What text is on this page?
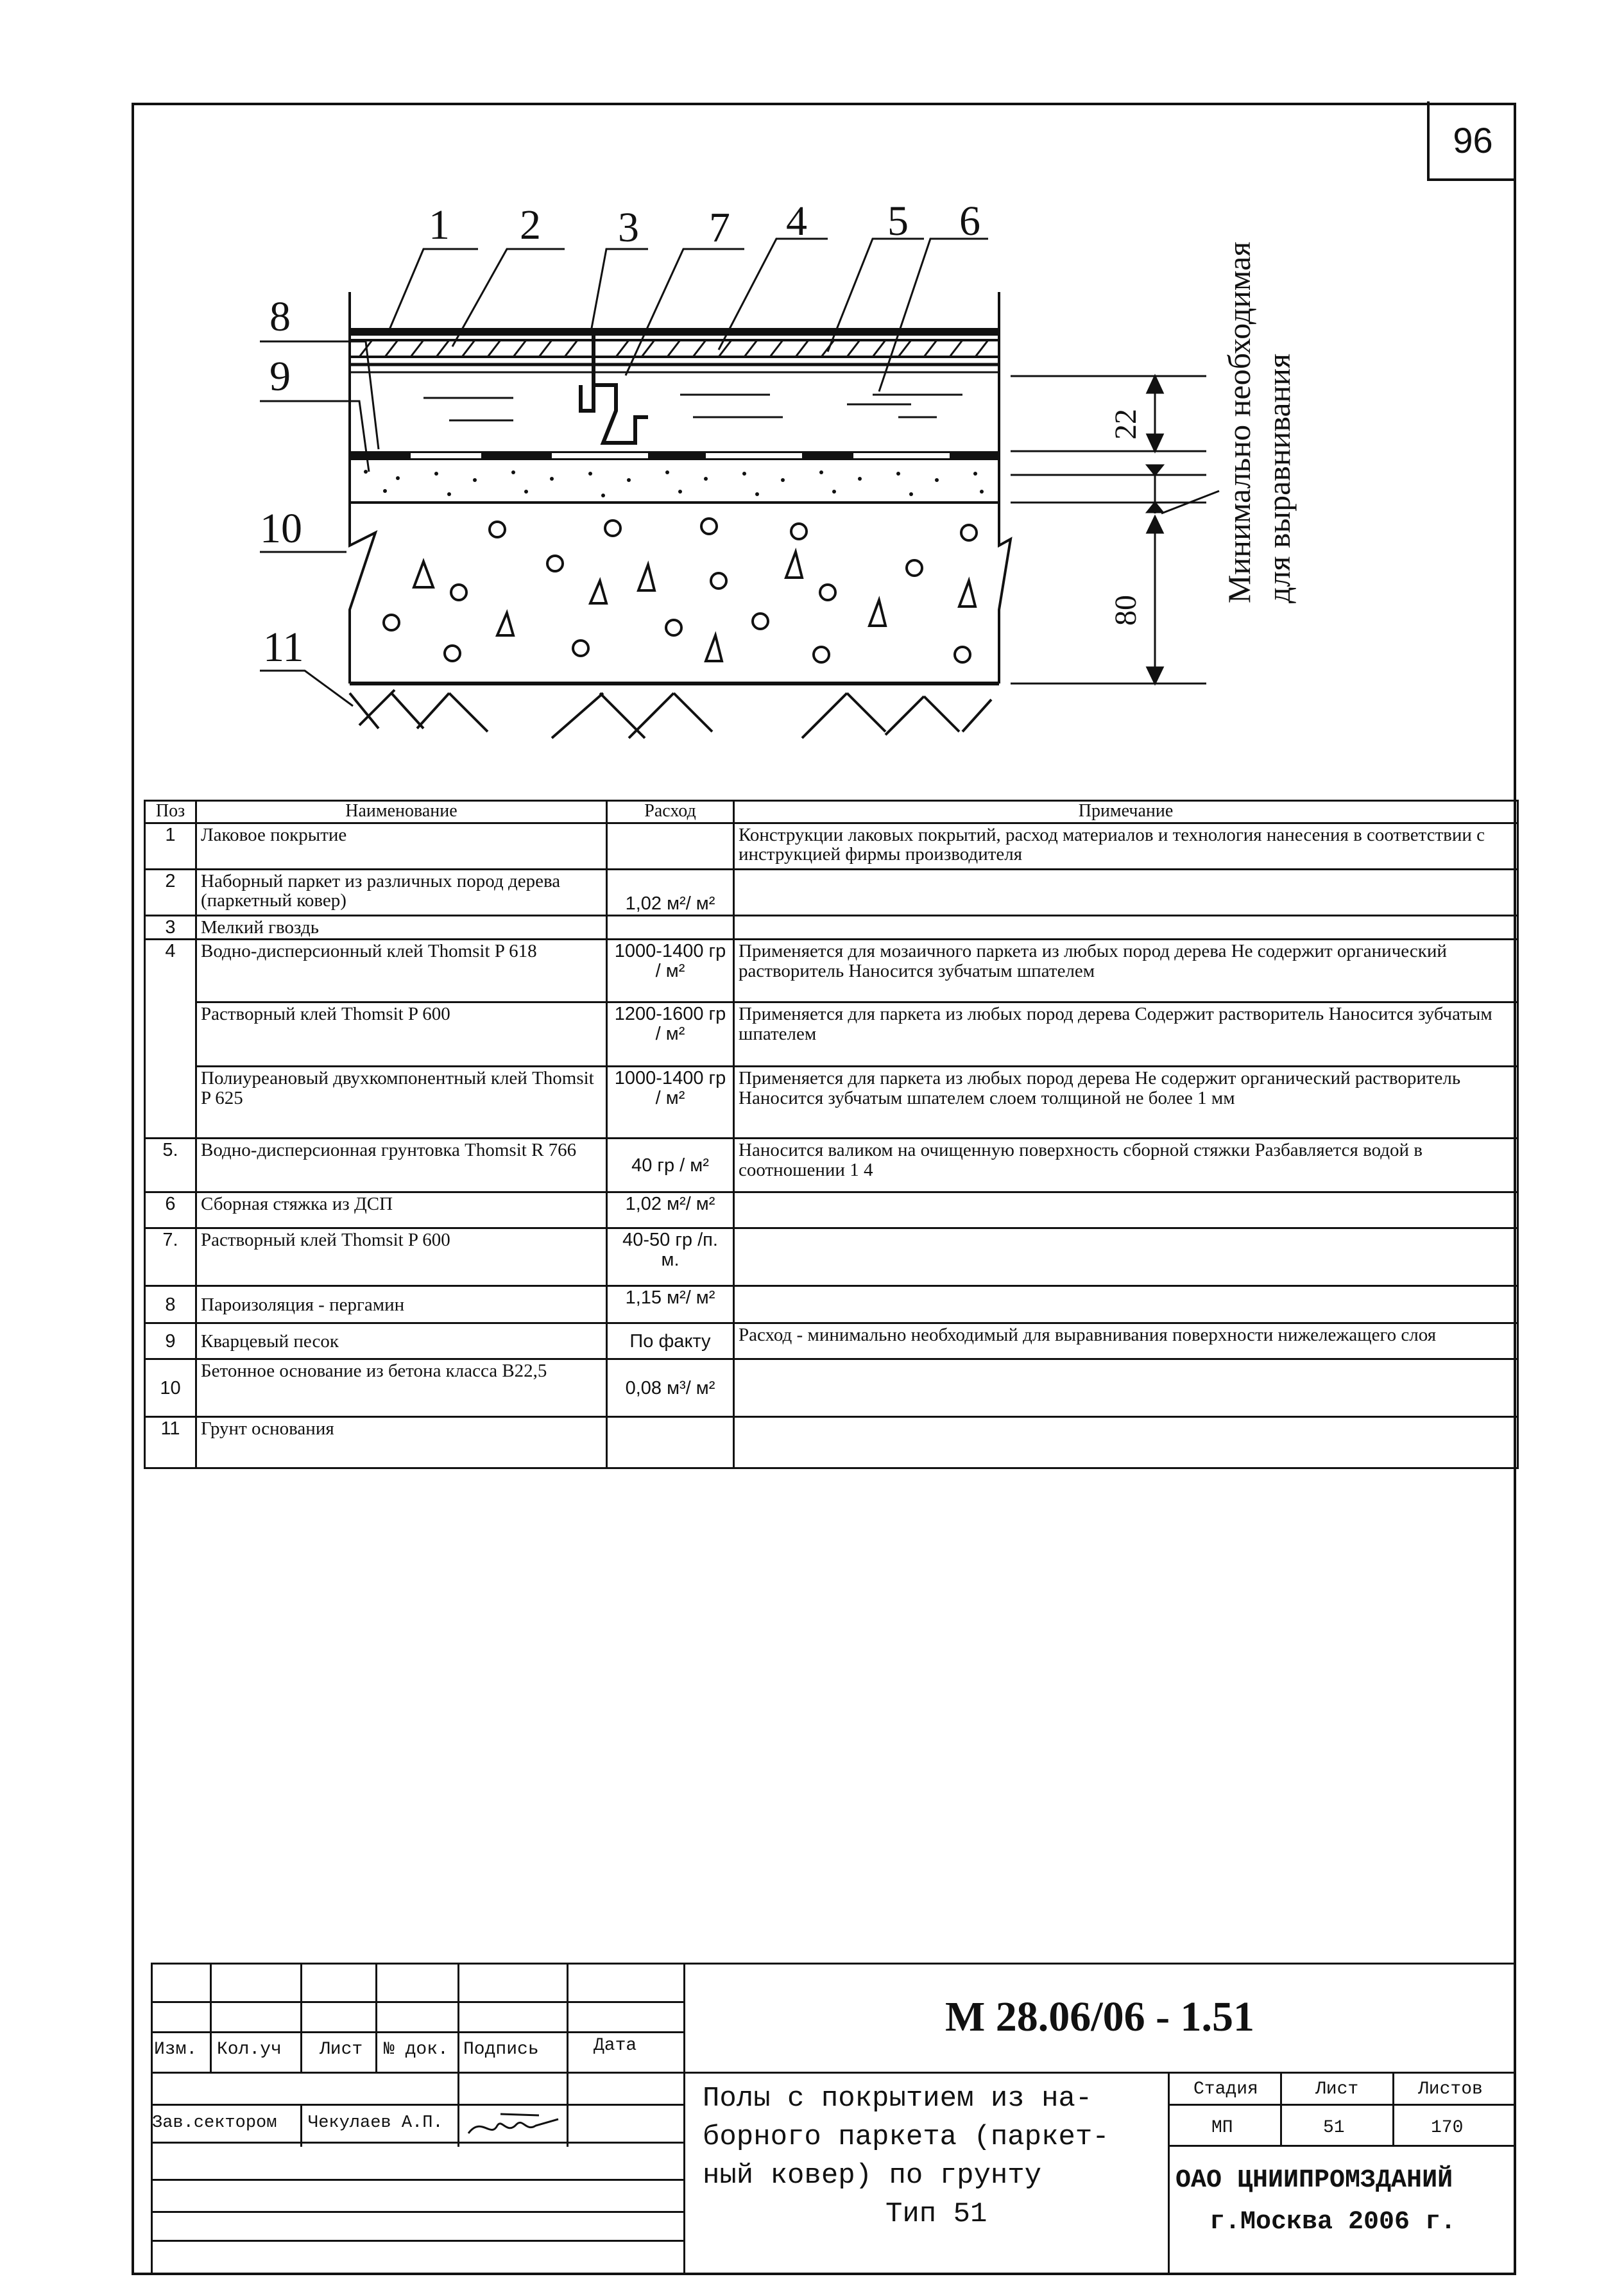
96
1 2 3 7 4 5 6
8
9
10
11
22
80
Минимально необходимая для выравнивания
Поз	Наименование	Расход	Примечание
1	Лаковое покрытие		Конструкции лаковых покрытий, расход материалов и технология нанесения в соответствии с инструкцией фирмы производителя
2	Наборный паркет из различных пород дерева (паркетный ковер)	1,02 м²/ м²	
3	Мелкий гвоздь		
4	Водно-дисперсионный клей Thomsit P 618	1000-1400 гр / м²	Применяется для мозаичного паркета из любых пород дерева Не содержит органический растворитель Наносится зубчатым шпателем
	Растворный клей Thomsit P 600	1200-1600 гр / м²	Применяется для паркета из любых пород дерева Содержит растворитель Наносится зубчатым шпателем
	Полиуреановый двухкомпонентный клей Thomsit P 625	1000-1400 гр / м²	Применяется для паркета из любых пород дерева Не содержит органический растворитель Наносится зубчатым шпателем слоем толщиной не более 1 мм
5.	Водно-дисперсионная грунтовка Thomsit R 766	40 гр / м²	Наносится валиком на очищенную поверхность сборной стяжки Разбавляется водой в соотношении 1 4
6	Сборная стяжка из ДСП	1,02 м²/ м²	
7.	Растворный клей Thomsit P 600	40-50 гр /п. м.	
8	Пароизоляция - пергамин	1,15 м²/ м²	
9	Кварцевый песок	По факту	Расход - минимально необходимый для выравнивания поверхности нижележащего слоя
10	Бетонное основание из бетона класса B22,5	0,08 м³/ м²	
11	Грунт основания		
Изм. Кол.уч Лист № док. Подпись	Дата
Зав.сектором Чекулаев А.П.
М 28.06/06 - 1.51
Полы с покрытием из на-
борного паркета (паркет-
ный ковер) по грунту
Тип 51
Стадия	Лист	Листов
МП	51	170
ОАО ЦНИИПРОМЗДАНИЙ
г.Москва 2006 г.
